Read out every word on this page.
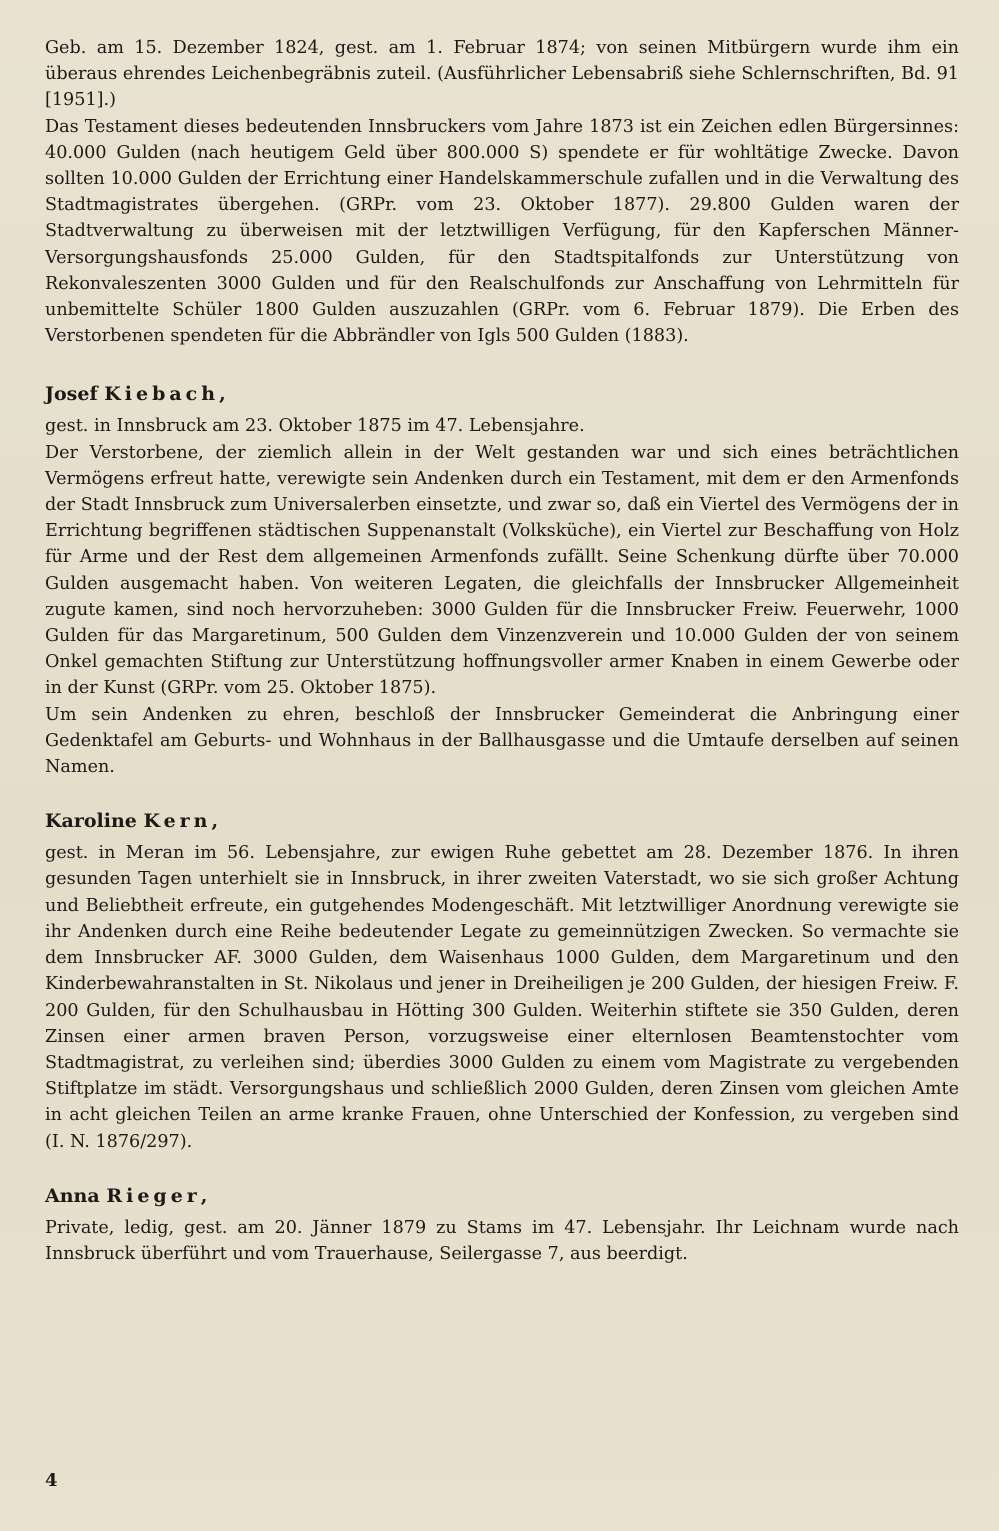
Geb. am 15. Dezember 1824, gest. am 1. Februar 1874; von seinen Mitbürgern wurde ihm ein überaus ehrendes Leichenbegräbnis zuteil. (Ausführlicher Lebensabriß siehe Schlernschriften, Bd. 91 [1951].)

Das Testament dieses bedeutenden Innsbruckers vom Jahre 1873 ist ein Zeichen edlen Bürgersinnes: 40.000 Gulden (nach heutigem Geld über 800.000 S) spendete er für wohltätige Zwecke. Davon sollten 10.000 Gulden der Errichtung einer Handelskammerschule zufallen und in die Verwaltung des Stadtmagistrates übergehen. (GRPr. vom 23. Oktober 1877). 29.800 Gulden waren der Stadtverwaltung zu überweisen mit der letztwilligen Verfügung, für den Kapferschen Männer-Versorgungshausfonds 25.000 Gulden, für den Stadtspitalfonds zur Unterstützung von Rekonvaleszenten 3000 Gulden und für den Realschulfonds zur Anschaffung von Lehrmitteln für unbemittelte Schüler 1800 Gulden auszuzahlen (GRPr. vom 6. Februar 1879). Die Erben des Verstorbenen spendeten für die Abbrändler von Igls 500 Gulden (1883).

Josef Kiebach,

gest. in Innsbruck am 23. Oktober 1875 im 47. Lebensjahre.

Der Verstorbene, der ziemlich allein in der Welt gestanden war und sich eines beträchtlichen Vermögens erfreut hatte, verewigte sein Andenken durch ein Testament, mit dem er den Armenfonds der Stadt Innsbruck zum Universalerben einsetzte, und zwar so, daß ein Viertel des Vermögens der in Errichtung begriffenen städtischen Suppenanstalt (Volksküche), ein Viertel zur Beschaffung von Holz für Arme und der Rest dem allgemeinen Armenfonds zufällt. Seine Schenkung dürfte über 70.000 Gulden ausgemacht haben. Von weiteren Legaten, die gleichfalls der Innsbrucker Allgemeinheit zugute kamen, sind noch hervorzuheben: 3000 Gulden für die Innsbrucker Freiw. Feuerwehr, 1000 Gulden für das Margaretinum, 500 Gulden dem Vinzenzverein und 10.000 Gulden der von seinem Onkel gemachten Stiftung zur Unterstützung hoffnungsvoller armer Knaben in einem Gewerbe oder in der Kunst (GRPr. vom 25. Oktober 1875).

Um sein Andenken zu ehren, beschloß der Innsbrucker Gemeinderat die Anbringung einer Gedenktafel am Geburts- und Wohnhaus in der Ballhausgasse und die Umtaufe derselben auf seinen Namen.

Karoline Kern,

gest. in Meran im 56. Lebensjahre, zur ewigen Ruhe gebettet am 28. Dezember 1876. In ihren gesunden Tagen unterhielt sie in Innsbruck, in ihrer zweiten Vaterstadt, wo sie sich großer Achtung und Beliebtheit erfreute, ein gutgehendes Modengeschäft. Mit letztwilliger Anordnung verewigte sie ihr Andenken durch eine Reihe bedeutender Legate zu gemeinnützigen Zwecken. So vermachte sie dem Innsbrucker AF. 3000 Gulden, dem Waisenhaus 1000 Gulden, dem Margaretinum und den Kinderbewahranstalten in St. Nikolaus und jener in Dreiheiligen je 200 Gulden, der hiesigen Freiw. F. 200 Gulden, für den Schulhausbau in Hötting 300 Gulden. Weiterhin stiftete sie 350 Gulden, deren Zinsen einer armen braven Person, vorzugsweise einer elternlosen Beamtenstochter vom Stadtmagistrat, zu verleihen sind; überdies 3000 Gulden zu einem vom Magistrate zu vergebenden Stiftplatze im städt. Versorgungshaus und schließlich 2000 Gulden, deren Zinsen vom gleichen Amte in acht gleichen Teilen an arme kranke Frauen, ohne Unterschied der Konfession, zu vergeben sind (I. N. 1876/297).

Anna Rieger,

Private, ledig, gest. am 20. Jänner 1879 zu Stams im 47. Lebensjahr. Ihr Leichnam wurde nach Innsbruck überführt und vom Trauerhause, Seilergasse 7, aus beerdigt.

4
